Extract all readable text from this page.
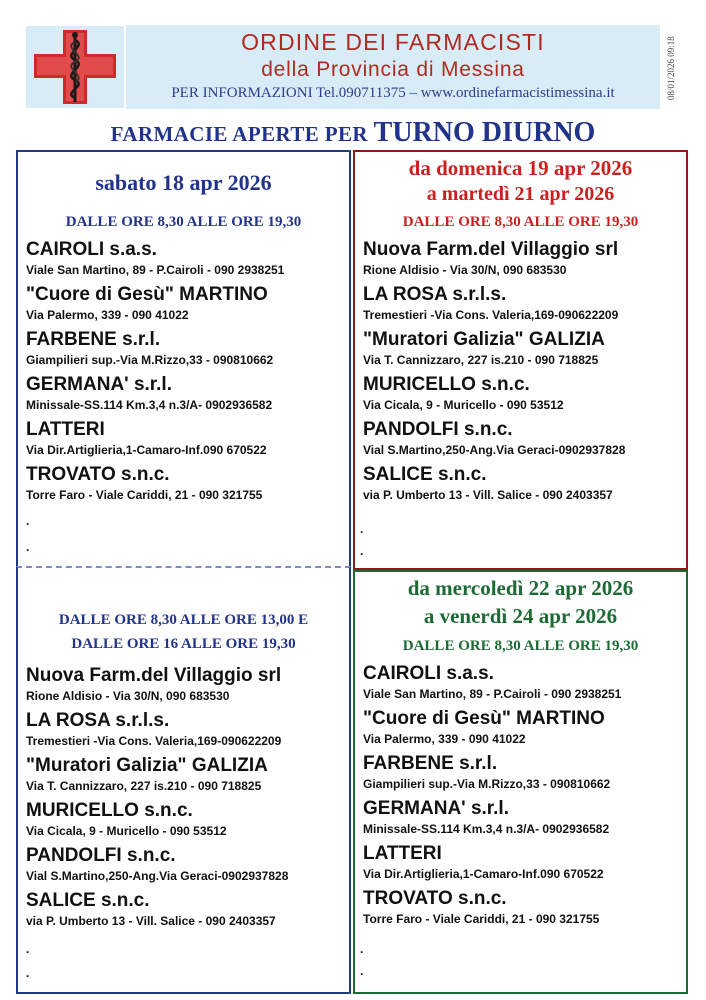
ORDINE DEI FARMACISTI
della Provincia di Messina
PER INFORMAZIONI Tel.090711375 – www.ordinefarmacistimessina.it	08/01/2026 09:18
FARMACIE APERTE PER TURNO DIURNO
sabato 18 apr 2026
DALLE ORE 8,30 ALLE ORE 19,30
CAIROLI s.a.s.
Viale San Martino, 89 - P.Cairoli - 090 2938251
"Cuore di Gesù" MARTINO
Via Palermo, 339 - 090 41022
FARBENE s.r.l.
Giampilieri sup.-Via M.Rizzo,33 - 090810662
GERMANA' s.r.l.
Minissale-SS.114 Km.3,4 n.3/A- 0902936582
LATTERI
Via Dir.Artiglieria,1-Camaro-Inf.090 670522
TROVATO s.n.c.
Torre Faro - Viale Cariddi, 21 - 090 321755
.
.
da domenica 19 apr 2026
a martedì 21 apr 2026
DALLE ORE 8,30 ALLE ORE 19,30
Nuova Farm.del Villaggio srl
Rione Aldisio - Via 30/N, 090 683530
LA ROSA s.r.l.s.
Tremestieri -Via Cons. Valeria,169-090622209
"Muratori Galizia" GALIZIA
Via T. Cannizzaro, 227 is.210 - 090 718825
MURICELLO s.n.c.
Via Cicala, 9 - Muricello - 090 53512
PANDOLFI s.n.c.
Vial S.Martino,250-Ang.Via Geraci-0902937828
SALICE s.n.c.
via P. Umberto 13 - Vill. Salice - 090 2403357
.
.
DALLE ORE 8,30 ALLE ORE 13,00 E
DALLE ORE 16 ALLE ORE 19,30
Nuova Farm.del Villaggio srl
Rione Aldisio - Via 30/N, 090 683530
LA ROSA s.r.l.s.
Tremestieri -Via Cons. Valeria,169-090622209
"Muratori Galizia" GALIZIA
Via T. Cannizzaro, 227 is.210 - 090 718825
MURICELLO s.n.c.
Via Cicala, 9 - Muricello - 090 53512
PANDOLFI s.n.c.
Vial S.Martino,250-Ang.Via Geraci-0902937828
SALICE s.n.c.
via P. Umberto 13 - Vill. Salice - 090 2403357
.
.
da mercoledì 22 apr 2026
a venerdì 24 apr 2026
DALLE ORE 8,30 ALLE ORE 19,30
CAIROLI s.a.s.
Viale San Martino, 89 - P.Cairoli - 090 2938251
"Cuore di Gesù" MARTINO
Via Palermo, 339 - 090 41022
FARBENE s.r.l.
Giampilieri sup.-Via M.Rizzo,33 - 090810662
GERMANA' s.r.l.
Minissale-SS.114 Km.3,4 n.3/A- 0902936582
LATTERI
Via Dir.Artiglieria,1-Camaro-Inf.090 670522
TROVATO s.n.c.
Torre Faro - Viale Cariddi, 21 - 090 321755
.
.
